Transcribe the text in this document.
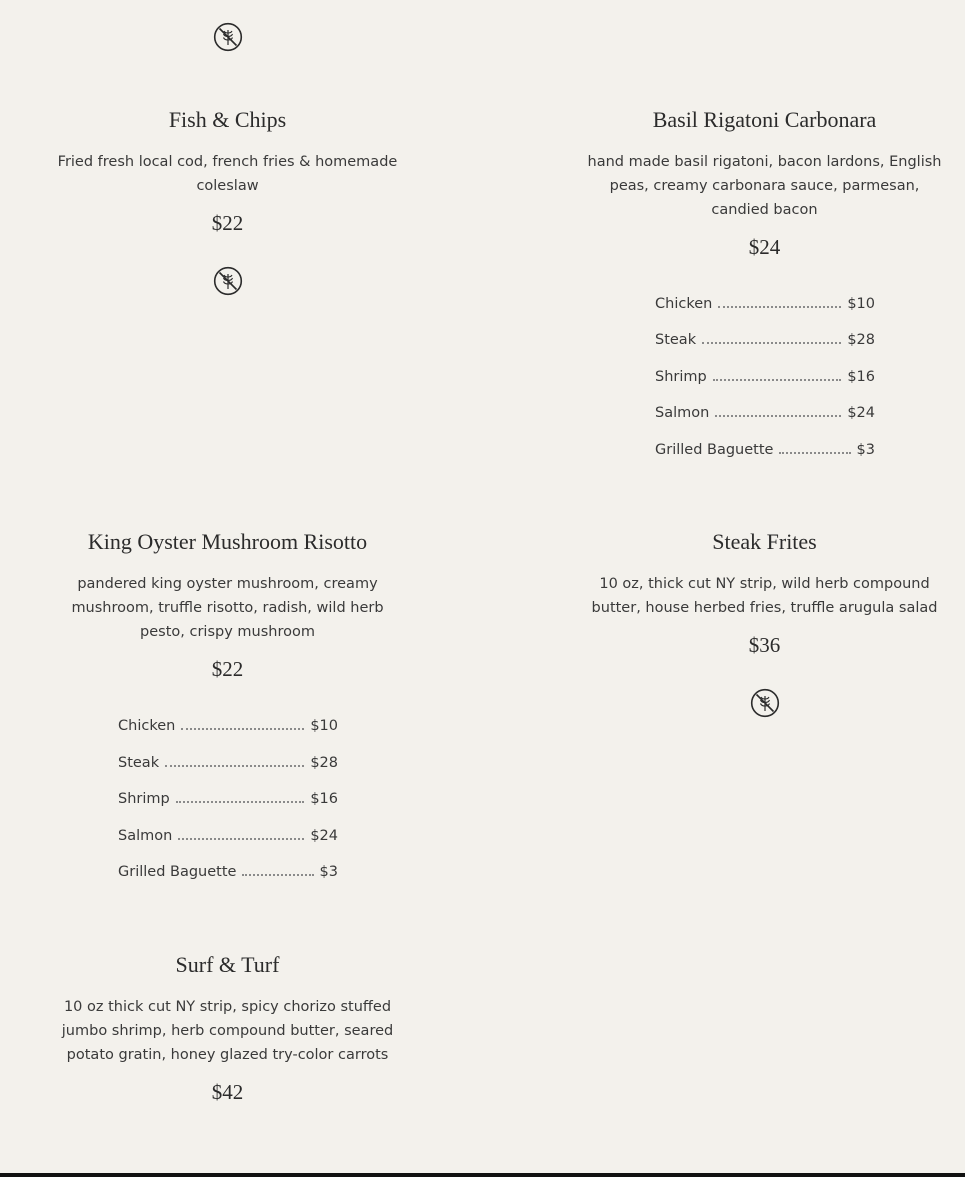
Fish & Chips
Fried fresh local cod, french fries & homemade coleslaw
$22
Basil Rigatoni Carbonara
hand made basil rigatoni, bacon lardons, English peas, creamy carbonara sauce, parmesan, candied bacon
$24
Chicken	$10
Steak	$28
Shrimp	$16
Salmon	$24
Grilled Baguette	$3
King Oyster Mushroom Risotto
pandered king oyster mushroom, creamy mushroom, truffle risotto, radish, wild herb pesto, crispy mushroom
$22
Chicken	$10
Steak	$28
Shrimp	$16
Salmon	$24
Grilled Baguette	$3
Steak Frites
10 oz, thick cut NY strip, wild herb compound butter, house herbed fries, truffle arugula salad
$36
Surf & Turf
10 oz thick cut NY strip, spicy chorizo stuffed jumbo shrimp, herb compound butter, seared potato gratin, honey glazed try-color carrots
$42
